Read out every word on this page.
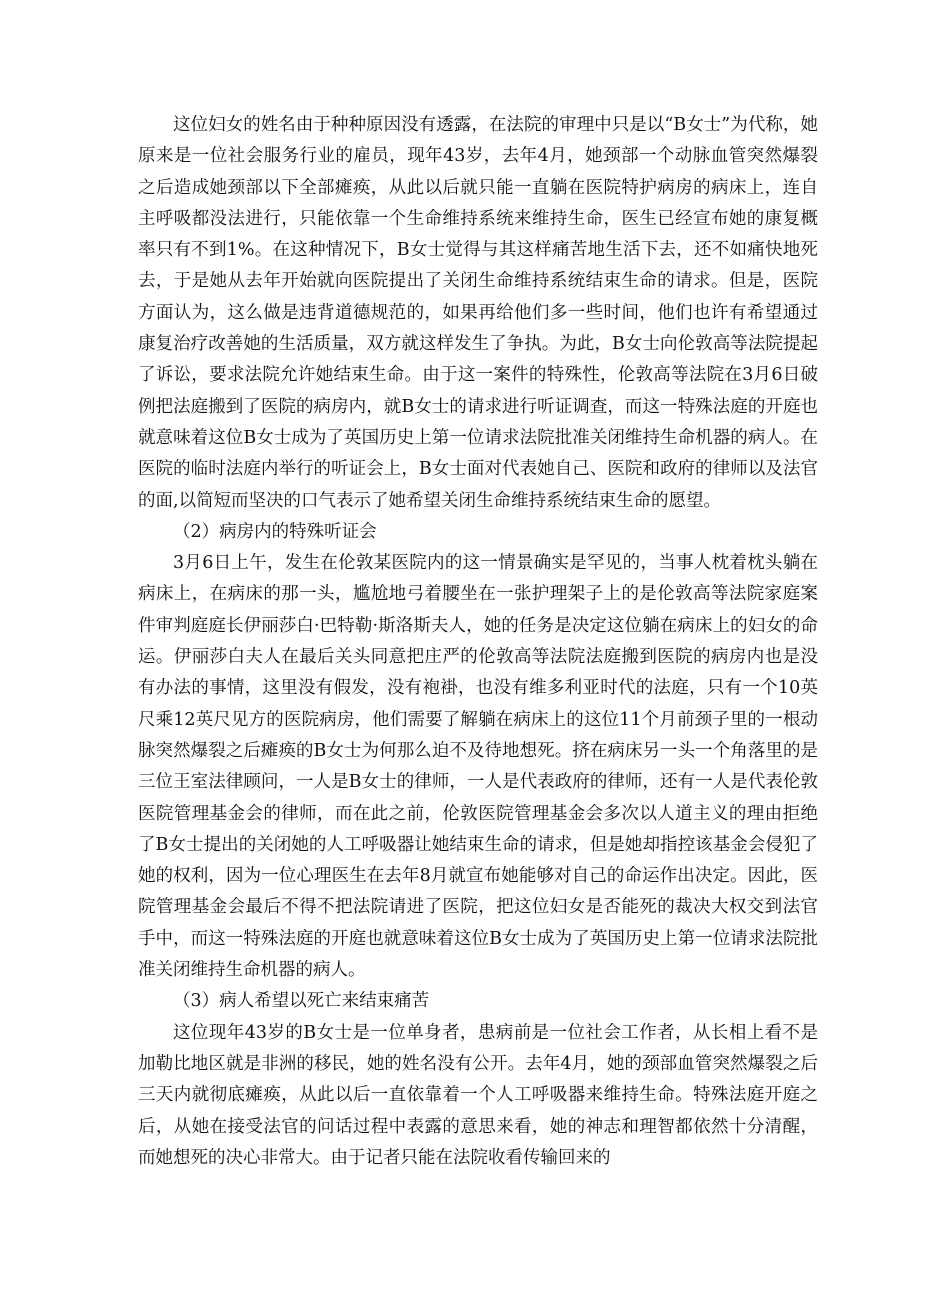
这位妇女的姓名由于种种原因没有透露，在法院的审理中只是以“B女士”为代称，她原来是一位社会服务行业的雇员，现年43岁，去年4月，她颈部一个动脉血管突然爆裂之后造成她颈部以下全部瘫痪，从此以后就只能一直躺在医院特护病房的病床上，连自主呼吸都没法进行，只能依靠一个生命维持系统来维持生命，医生已经宣布她的康复概率只有不到1%。在这种情况下，B女士觉得与其这样痛苦地生活下去，还不如痛快地死去，于是她从去年开始就向医院提出了关闭生命维持系统结束生命的请求。但是，医院方面认为，这么做是违背道德规范的，如果再给他们多一些时间，他们也许有希望通过康复治疗改善她的生活质量，双方就这样发生了争执。为此，B女士向伦敦高等法院提起了诉讼，要求法院允许她结束生命。由于这一案件的特殊性，伦敦高等法院在3月6日破例把法庭搬到了医院的病房内，就B女士的请求进行听证调查，而这一特殊法庭的开庭也就意味着这位B女士成为了英国历史上第一位请求法院批准关闭维持生命机器的病人。在医院的临时法庭内举行的听证会上，B女士面对代表她自己、医院和政府的律师以及法官的面,以简短而坚决的口气表示了她希望关闭生命维持系统结束生命的愿望。

（2）病房内的特殊听证会

3月6日上午，发生在伦敦某医院内的这一情景确实是罕见的，当事人枕着枕头躺在病床上，在病床的那一头，尴尬地弓着腰坐在一张护理架子上的是伦敦高等法院家庭案件审判庭庭长伊丽莎白·巴特勒·斯洛斯夫人，她的任务是决定这位躺在病床上的妇女的命运。伊丽莎白夫人在最后关头同意把庄严的伦敦高等法院法庭搬到医院的病房内也是没有办法的事情，这里没有假发，没有袍褂，也没有维多利亚时代的法庭，只有一个10英尺乘12英尺见方的医院病房，他们需要了解躺在病床上的这位11个月前颈子里的一根动脉突然爆裂之后瘫痪的B女士为何那么迫不及待地想死。挤在病床另一头一个角落里的是三位王室法律顾问，一人是B女士的律师，一人是代表政府的律师，还有一人是代表伦敦医院管理基金会的律师，而在此之前，伦敦医院管理基金会多次以人道主义的理由拒绝了B女士提出的关闭她的人工呼吸器让她结束生命的请求，但是她却指控该基金会侵犯了她的权利，因为一位心理医生在去年8月就宣布她能够对自己的命运作出决定。因此，医院管理基金会最后不得不把法院请进了医院，把这位妇女是否能死的裁决大权交到法官手中，而这一特殊法庭的开庭也就意味着这位B女士成为了英国历史上第一位请求法院批准关闭维持生命机器的病人。

（3）病人希望以死亡来结束痛苦

这位现年43岁的B女士是一位单身者，患病前是一位社会工作者，从长相上看不是加勒比地区就是非洲的移民，她的姓名没有公开。去年4月，她的颈部血管突然爆裂之后三天内就彻底瘫痪，从此以后一直依靠着一个人工呼吸器来维持生命。特殊法庭开庭之后，从她在接受法官的问话过程中表露的意思来看，她的神志和理智都依然十分清醒，而她想死的决心非常大。由于记者只能在法院收看传输回来的
